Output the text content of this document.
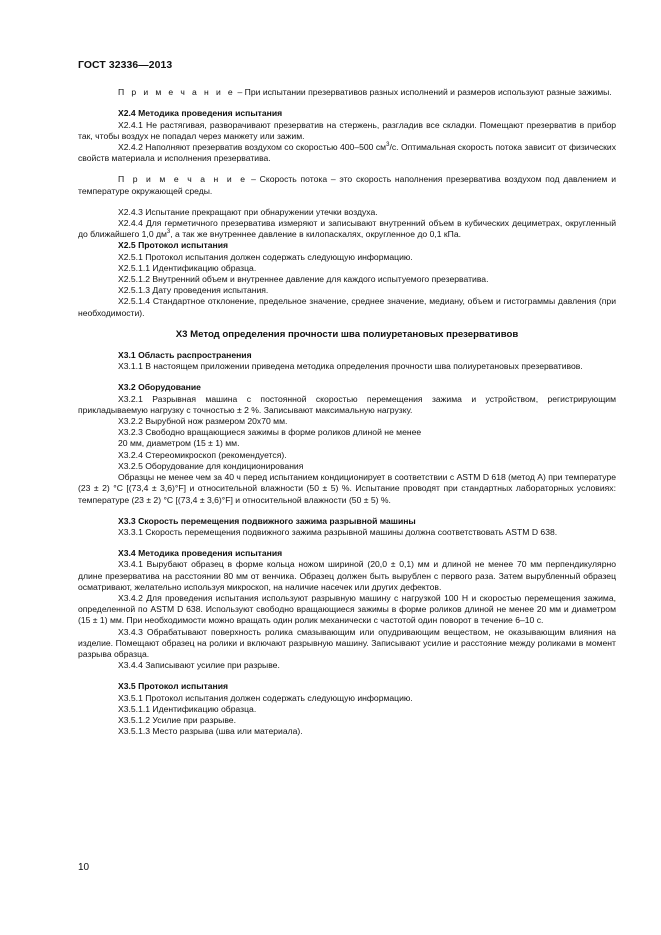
ГОСТ 32336—2013

П р и м е ч а н и е – При испытании презервативов разных исполнений и размеров используют разные зажимы.

Х2.4 Методика проведения испытания

Х2.4.1 Не растягивая, разворачивают презерватив на стержень, разгладив все складки. Помещают презерватив в прибор так, чтобы воздух не попадал через манжету или зажим.

Х2.4.2 Наполняют презерватив воздухом со скоростью 400–500 $см^3/с$. Оптимальная скорость потока зависит от физических свойств материала и исполнения презерватива.

П р и м е ч а н и е – Скорость потока – это скорость наполнения презерватива воздухом под давлением и температуре окружающей среды.

Х2.4.3 Испытание прекращают при обнаружении утечки воздуха.

Х2.4.4 Для герметичного презерватива измеряют и записывают внутренний объем в кубических дециметрах, округленный до ближайшего 1,0 $дм^3$, а так же внутреннее давление в килопаскалях, округленное до 0,1 кПа.

Х2.5 Протокол испытания

Х2.5.1 Протокол испытания должен содержать следующую информацию.

Х2.5.1.1 Идентификацию образца.

Х2.5.1.2 Внутренний объем и внутреннее давление для каждого испытуемого презерватива.

Х2.5.1.3 Дату проведения испытания.

Х2.5.1.4 Стандартное отклонение, предельное значение, среднее значение, медиану, объем и гистограммы давления (при необходимости).

Х3 Метод определения прочности шва полиуретановых презервативов
Х3.1 Область распространения

Х3.1.1 В настоящем приложении приведена методика определения прочности шва полиуретановых презервативов.

Х3.2 Оборудование

Х3.2.1 Разрывная машина с постоянной скоростью перемещения зажима и устройством, регистрирующим прикладываемую нагрузку с точностью ± 2 %. Записывают максимальную нагрузку.

Х3.2.2 Вырубной нож размером 20х70 мм.

Х3.2.3 Свободно вращающиеся зажимы в форме роликов длиной не менее

20 мм, диаметром (15 ± 1) мм.

Х3.2.4 Стереомикроскоп (рекомендуется).

Х3.2.5 Оборудование для кондиционирования

Образцы не менее чем за 40 ч перед испытанием кондиционирует в соответствии с ASTM D 618 (метод А) при температуре (23 ± 2) °С [(73,4 ± 3,6)°F] и относительной влажности (50 ± 5) %. Испытание проводят при стандартных лабораторных условиях: температуре (23 ± 2) °С [(73,4 ± 3,6)°F] и относительной влажности (50 ± 5) %.

Х3.3 Скорость перемещения подвижного зажима разрывной машины

Х3.3.1 Скорость перемещения подвижного зажима разрывной машины должна соответствовать ASTM D 638.

Х3.4 Методика проведения испытания

Х3.4.1 Вырубают образец в форме кольца ножом шириной (20,0 ± 0,1) мм и длиной не менее 70 мм перпендикулярно длине презерватива на расстоянии 80 мм от венчика. Образец должен быть вырублен с первого раза. Затем вырубленный образец осматривают, желательно используя микроскоп, на наличие насечек или других дефектов.

Х3.4.2 Для проведения испытания используют разрывную машину с нагрузкой 100 Н и скоростью перемещения зажима, определенной по ASTM D 638. Используют свободно вращающиеся зажимы в форме роликов длиной не менее 20 мм и диаметром (15 ± 1) мм. При необходимости можно вращать один ролик механически с частотой один поворот в течение 6–10 с.

Х3.4.3 Обрабатывают поверхность ролика смазывающим или опудривающим веществом, не оказывающим влияния на изделие. Помещают образец на ролики и включают разрывную машину. Записывают усилие и расстояние между роликами в момент разрыва образца.

Х3.4.4 Записывают усилие при разрыве.

Х3.5 Протокол испытания

Х3.5.1 Протокол испытания должен содержать следующую информацию.

Х3.5.1.1 Идентификацию образца.

Х3.5.1.2 Усилие при разрыве.

Х3.5.1.3 Место разрыва (шва или материала).

10
